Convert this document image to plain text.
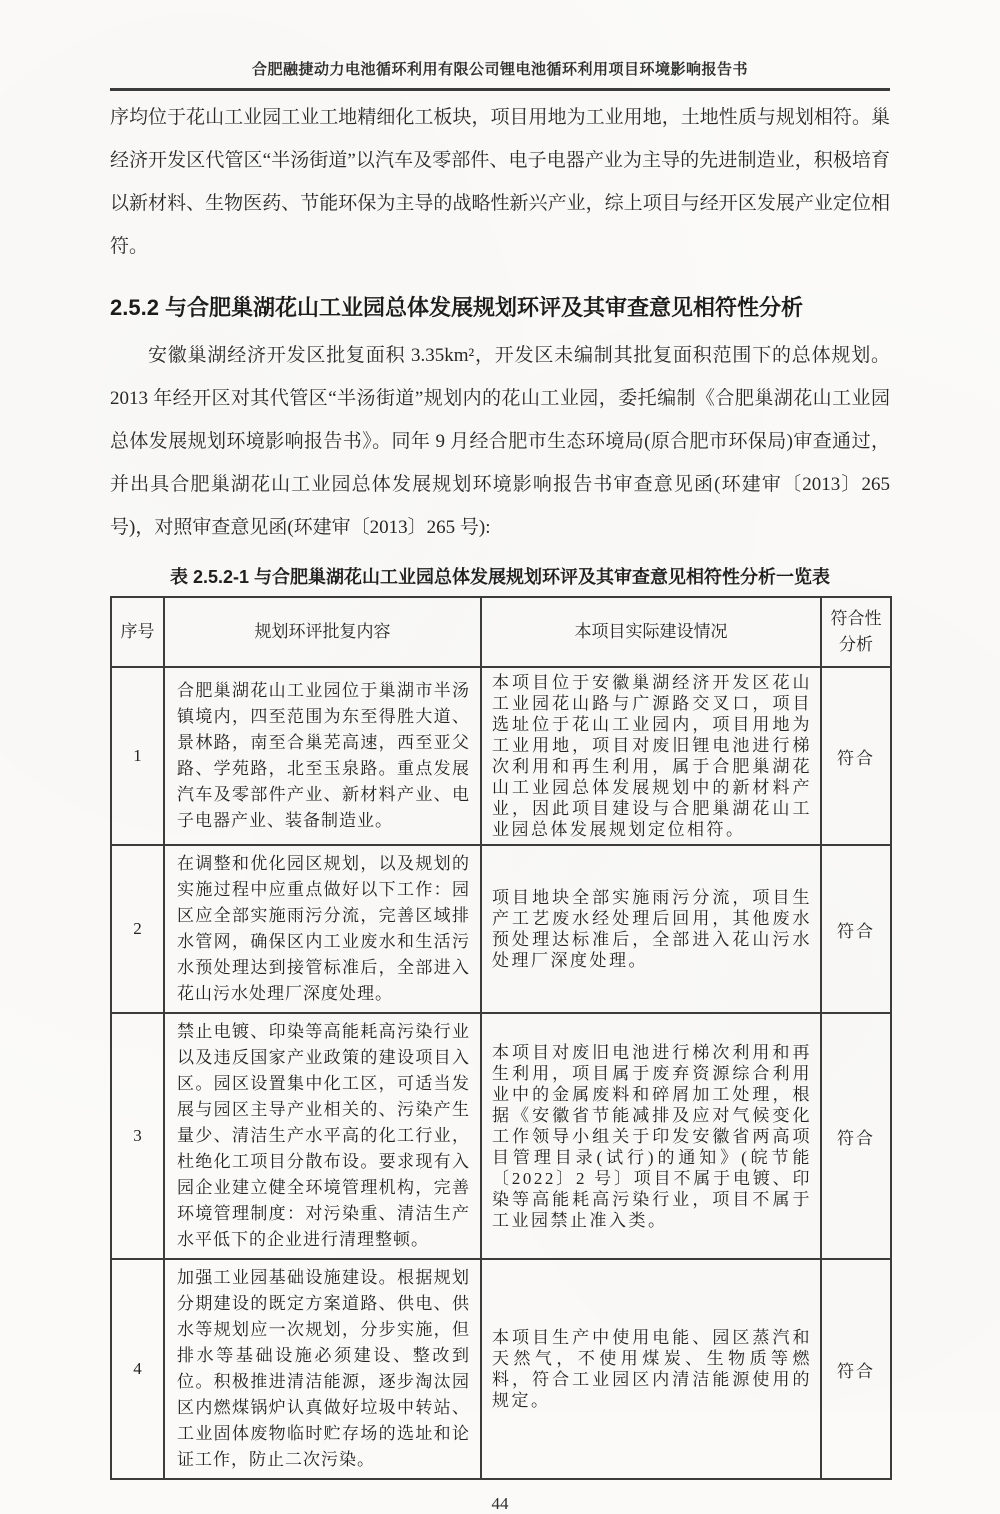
合肥融捷动力电池循环利用有限公司锂电池循环利用项目环境影响报告书

序均位于花山工业园工业工地精细化工板块，项目用地为工业用地，土地性质与规划相符。巢经济开发区代管区“半汤街道”以汽车及零部件、电子电器产业为主导的先进制造业，积极培育以新材料、生物医药、节能环保为主导的战略性新兴产业，综上项目与经开区发展产业定位相符。

2.5.2 与合肥巢湖花山工业园总体发展规划环评及其审查意见相符性分析

安徽巢湖经济开发区批复面积 3.35km²，开发区未编制其批复面积范围下的总体规划。2013 年经开区对其代管区“半汤街道”规划内的花山工业园，委托编制《合肥巢湖花山工业园总体发展规划环境影响报告书》。同年 9 月经合肥市生态环境局(原合肥市环保局)审查通过，并出具合肥巢湖花山工业园总体发展规划环境影响报告书审查意见函(环建审〔2013〕265 号)，对照审查意见函(环建审〔2013〕265 号):

表 2.5.2-1 与合肥巢湖花山工业园总体发展规划环评及其审查意见相符性分析一览表
序号	规划环评批复内容	本项目实际建设情况	符合性分析
1	合肥巢湖花山工业园位于巢湖市半汤镇境内，四至范围为东至得胜大道、景林路，南至合巢芜高速，西至亚父路、学苑路，北至玉泉路。重点发展汽车及零部件产业、新材料产业、电子电器产业、装备制造业。	本项目位于安徽巢湖经济开发区花山工业园花山路与广源路交叉口，项目选址位于花山工业园内，项目用地为工业用地，项目对废旧锂电池进行梯次利用和再生利用，属于合肥巢湖花山工业园总体发展规划中的新材料产业，因此项目建设与合肥巢湖花山工业园总体发展规划定位相符。	符合
2	在调整和优化园区规划，以及规划的实施过程中应重点做好以下工作：园区应全部实施雨污分流，完善区域排水管网，确保区内工业废水和生活污水预处理达到接管标准后，全部进入花山污水处理厂深度处理。	项目地块全部实施雨污分流，项目生产工艺废水经处理后回用，其他废水预处理达标准后，全部进入花山污水处理厂深度处理。	符合
3	禁止电镀、印染等高能耗高污染行业以及违反国家产业政策的建设项目入区。园区设置集中化工区，可适当发展与园区主导产业相关的、污染产生量少、清洁生产水平高的化工行业，杜绝化工项目分散布设。要求现有入园企业建立健全环境管理机构，完善环境管理制度：对污染重、清洁生产水平低下的企业进行清理整顿。	本项目对废旧电池进行梯次利用和再生利用，项目属于废弃资源综合利用业中的金属废料和碎屑加工处理，根据《安徽省节能减排及应对气候变化工作领导小组关于印发安徽省两高项目管理目录(试行)的通知》(皖节能〔2022〕2 号〕项目不属于电镀、印染等高能耗高污染行业，项目不属于工业园禁止准入类。	符合
4	加强工业园基础设施建设。根据规划分期建设的既定方案道路、供电、供水等规划应一次规划，分步实施，但排水等基础设施必须建设、整改到位。积极推进清洁能源，逐步淘汰园区内燃煤锅炉认真做好垃圾中转站、工业固体废物临时贮存场的选址和论证工作，防止二次污染。	本项目生产中使用电能、园区蒸汽和天然气，不使用煤炭、生物质等燃料，符合工业园区内清洁能源使用的规定。	符合
44
